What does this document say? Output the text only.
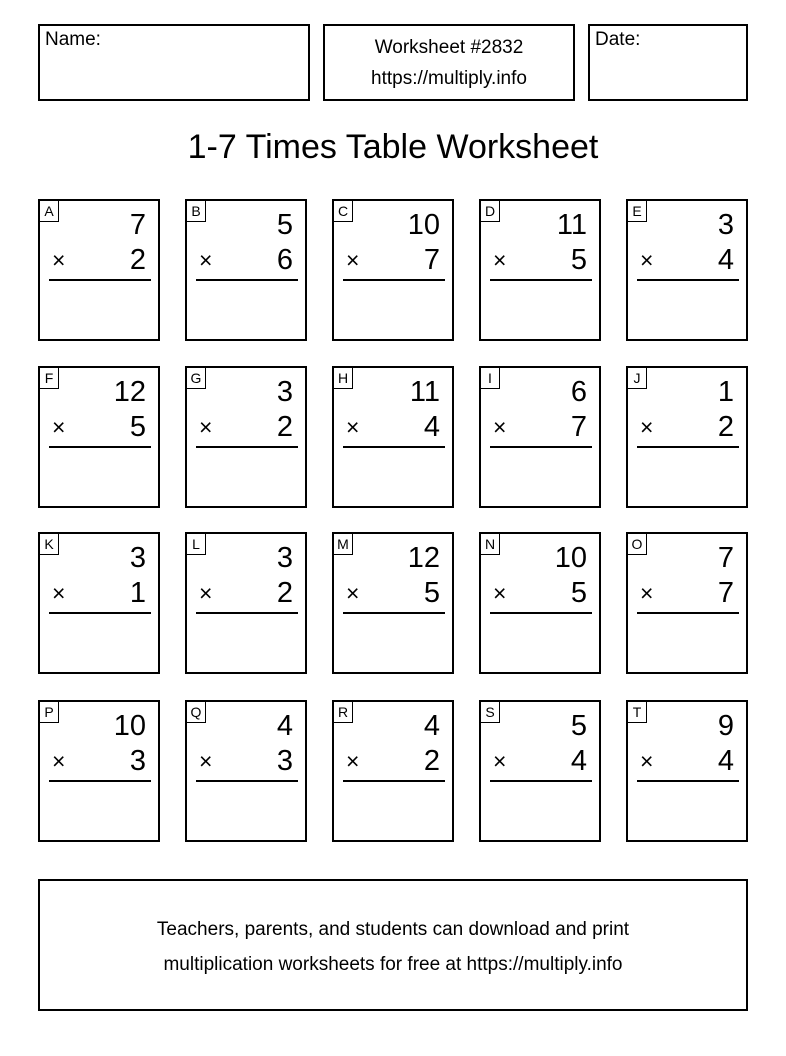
Name:	Worksheet #2832
https://multiply.info
Date:
1-7 Times Table Worksheet
A	7
× 2
B	5
× 6
C 10
× 7
D 11
× 5
E	3
× 4
F 12
× 5
G	3
× 2
H 11
× 4
I	6
× 7
J	1
× 2
K	3
× 1
L	3
× 2
M 12
× 5
N 10
× 5
O	7
× 7
P 10
× 3
Q	4
× 3
R	4
× 2
S	5
× 4
T	9
× 4
Teachers, parents, and students can download and print
multiplication worksheets for free at https://multiply.info
